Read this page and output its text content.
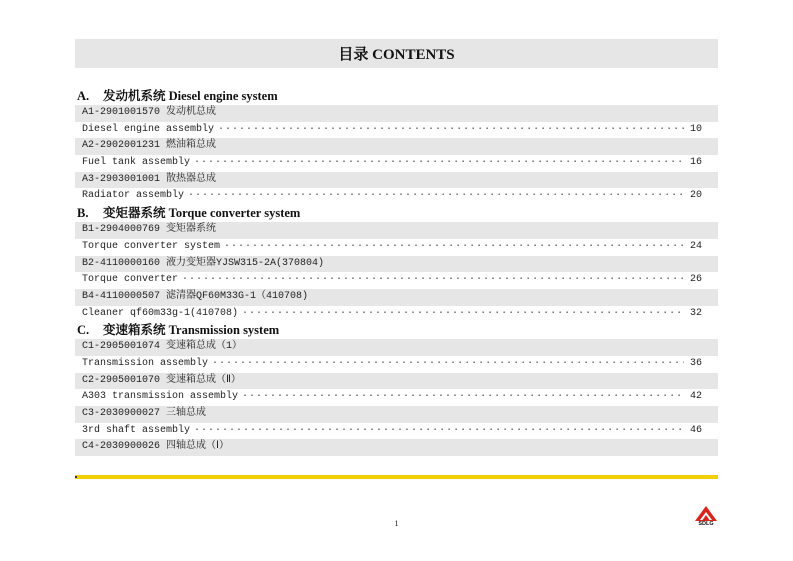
目录 CONTENTS
A. 发动机系统 Diesel engine system
A1-2901001570 发动机总成
Diesel engine assembly ·····	10
A2-2902001231 燃油箱总成
Fuel tank assembly ·····	16
A3-2903001001 散热器总成
Radiator assembly ·····	20
B. 变矩器系统 Torque converter system
B1-2904000769 变矩器系统
Torque converter system ·····	24
B2-4110000160 液力变矩器YJSW315-2A(370804)
Torque converter ·····	26
B4-4110000507 滤清器QF60M33G-1（410708)
Cleaner qf60m33g-1(410708) ·····	32
C. 变速箱系统 Transmission system
C1-2905001074 变速箱总成（1）
Transmission assembly ·····	36
C2-2905001070 变速箱总成（Ⅱ）
A303 transmission assembly ·····	42
C3-2030900027 三轴总成
3rd shaft assembly ·····	46
C4-2030900026 四轴总成（Ⅰ）
1	SDLG
